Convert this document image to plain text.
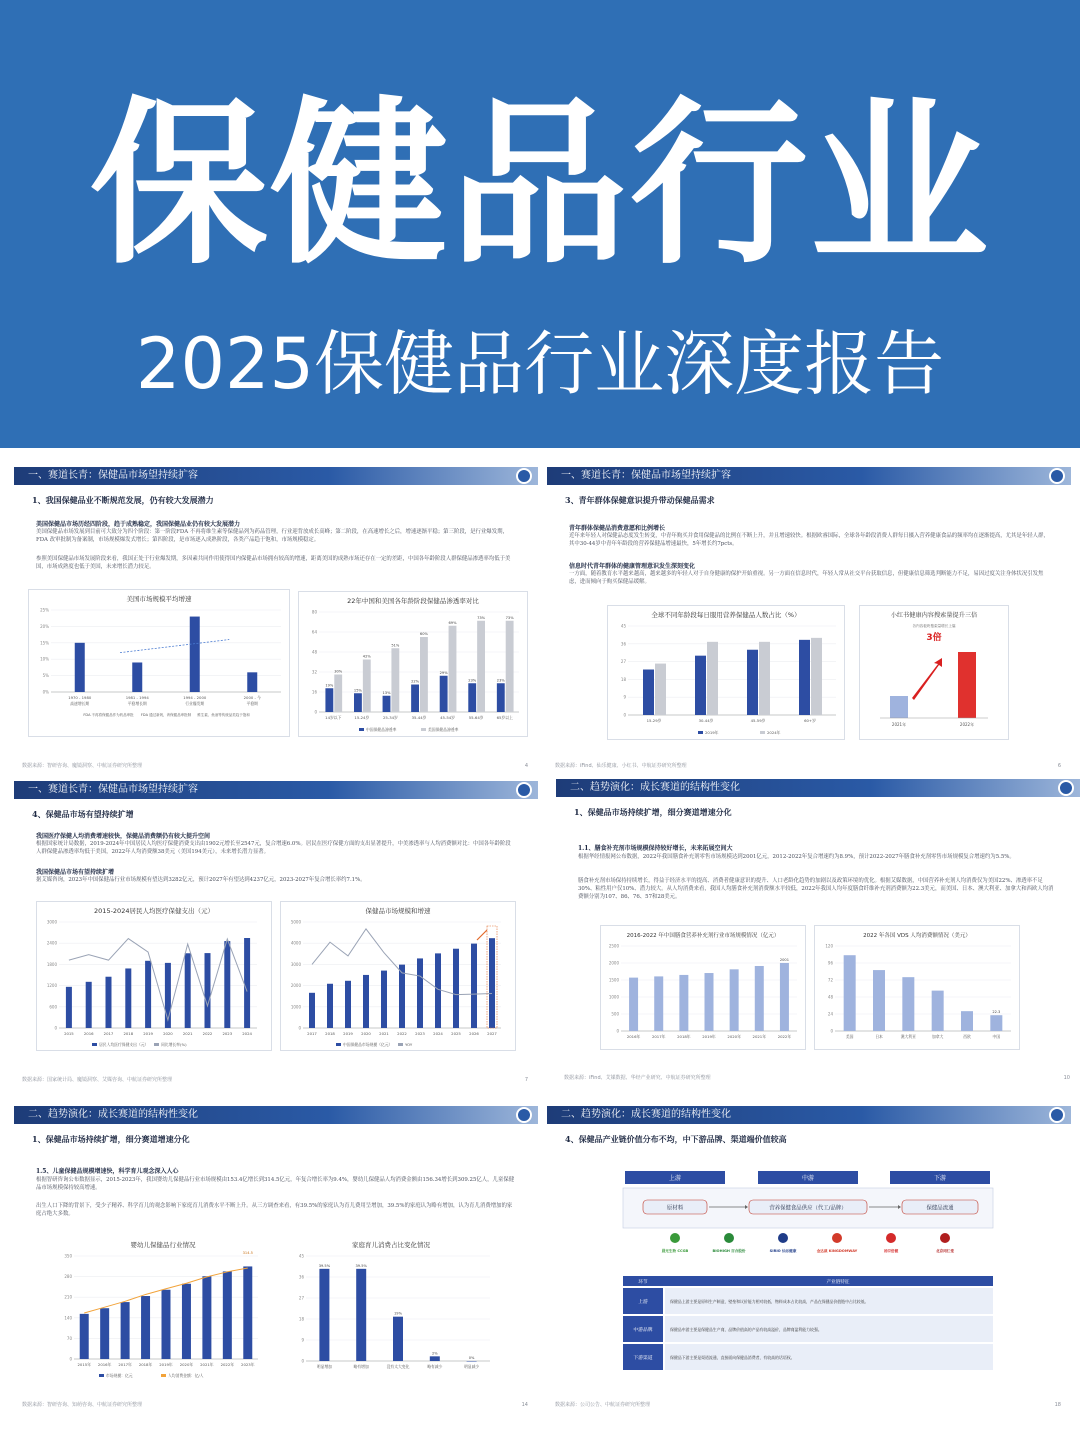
保健品行业
2025保健品行业深度报告
一、赛道长青：保健品市场望持续扩容
1、我国保健品业不断规范发展，仍有较大发展潜力
美国保健品市场历经四阶段，趋于成熟稳定，我国保健品业仍有较大发展潜力
美国保健品市场发展到目前可大致分为四个阶段：第一阶段FDA 不再将维生素等保健品列为药品管理，行业迎背放成长高峰；第二阶段，在高速增长之后，增速逐渐平稳；第三阶段，是行业爆发期，FDA 改审批制为备案制，市场规模爆发式增长；第四阶段，是市场逐入成熟阶段，各类产品趋于饱和，市场规模稳定。
参照美国保健品市场发展阶段来看，我国正处于行业爆发期，多因素共同作用使得国内保健品市场拥有较高的增速，距离美国的成熟市场还存在一定的差距，中国各年龄阶段人群保健品渗透率均低于美国，市场成熟度也低于美国，未来增长潜力较足。
美国市场规模平均增速
0%
5%
10%
15%
20%
25%
1970 - 1980	1981 - 1994	1994 - 2000	2000 - 今
高速增长期	平稳增长期	行业爆发期	平稳期
FDA 不再将保健品作为药品审批 FDA 通过新规，该保健品审批制 维生素、鱼油等传统品类趋于饱和
22年中国和美国各年龄阶段保健品渗透率对比
0
16
32
48
64
80
19%
15%
13%
22%
29%
23%	23%
30%
42%
51%
60%
69%
73%	73%
14岁以下	15-24岁	25-34岁	35-44岁	45-54岁	55-64岁	65岁以上
中国保健品渗透率	美国保健品渗透率
数据来源：智研咨询、魔镜洞察、中航证券研究所整理	4
一、赛道长青：保健品市场望持续扩容
3、青年群体保健意识提升带动保健品需求
青年群体保健品消费意愿和比例增长
近年来年轻人对保健品态度发生转变，中青年购买并食用保健品的比例在不断上升，并且增速较快。根据欧睿国际，全球各年龄段消费人群每日摄入营养健康食品的频率均在逐渐提高，尤其是年轻人群，其中30-44岁中青年年龄段的营养保健品增速最快，5年增长约7pcts。
信息时代青年群体的健康管理意识发生深刻变化
一方面，随着教育水平越来越高，越来越多的年轻人对于自身健康的保护开始重视。另一方面在信息时代，年轻人常从社交平台获取信息，但健康信息筛选判断能力不足，易因过度关注身体状况引发焦虑，进而倾向于购买保健品缓解。
全球不同年龄段每日服用营养保健品人数占比（%）
0
9
18
27
36
45
15-29岁	30-44岁	45-59岁	60+岁
2019年	2024年
小红书健康内容搜索量提升三倍
各内容板块搜索量增长上篇
3倍
2021年	2022年
数据来源：iFind、仙乐健康、小红书、中航证券研究所整理	6
一、赛道长青：保健品市场望持续扩容
4、保健品市场有望持续扩增
我国医疗保健人均消费增速较快，保健品消费额仍有较大提升空间
根据国家统计局数据，2019-2024年中国居民人均医疗保健消费支出由1902元增长至2547元，复合增速6.0%。居民在医疗保健方面的支出显著提升，中美渗透率与人均消费额对比：中国各年龄阶段人群保健品渗透率均低于美国，2022年人均消费额38美元（美国194美元），未来增长潜力显著。
我国保健品市场有望持续扩增
据艾媒咨询，2023年中国保健品行业市场规模有望达到3282亿元，预计2027年有望达到4237亿元，2023-2027年复合增长率约7.1%。
2015-2024居民人均医疗保健支出（元）
0
600
1200
1800
2400
3000
2015	2016	2017	2018	2019	2020	2021	2022	2023	2024
居民人均医疗保健支出（元）	同比增长率(%)
保健品市场规模和增速
0
1000
2000
3000
4000
5000
2017 2018 2019 2020 2021 2022 2023 2024 2025 2026 2027
中国保健品市场规模（亿元）	YOY
数据来源：国家统计局、魔镜洞察、艾媒咨询、中航证券研究所整理	7
二、趋势演化：成长赛道的结构性变化
1、保健品市场持续扩增，细分赛道增速分化
1.1、膳食补充剂市场规模保持较好增长，未来拓展空间大
根据华经情报网公布数据，2022年我国膳食补充剂零售市场规模达到2001亿元，2012-2022年复合增速约为8.9%，预计2022-2027年膳食补充剂零售市场规模复合增速约为5.5%。
膳食补充剂市场保持持续增长，得益于经济水平的提高、消费者健康意识的提升、人口老龄化趋势的加剧以及政策环境的优化。根据艾媒数据，中国营养补充剂人均消费仅为美国22%、渗透率不足30%、粘性用户仅10%、潜力较大。从人均消费来看，我国人均膳食补充剂消费额水平较低，2022年我国人均年度膳食纤维补充剂消费额为22.3美元，而美国、日本、澳大利亚、加拿大和西欧人均消费额分别为107、86、76、57和28美元。
2016-2022 年中国膳食营养补充剂行业市场规模情况（亿元）
0
500
1000
1500
2000
2500
2016年	2017年	2018年	2019年	2020年	2021年	2022年
2001
2022 年各国 VDS 人均消费额情况（美元）
0
24
48
72
96
120
美国	日本	澳大利亚	加拿大	西欧	中国
22.3
数据来源：iFind、艾媒数据、华经产业研究、中航证券研究所整理	10
二、趋势演化：成长赛道的结构性变化
1、保健品市场持续扩增，细分赛道增速分化
1.5、儿童保健品规模增速快，科学育儿观念深入人心
根据智研咨询公布数据显示，2015-2023年，我国婴幼儿保健品行业市场规模由153.4亿增长到314.5亿元，年复合增长率为9.4%，婴幼儿保健品人均消费金额由156.34增长到309.25亿人，儿童保健品市场规模保持较高增速。
出生人口下降的背景下，受少子精养、科学育儿的观念影响下家庭育儿消费水平不断上升。从三方调查来看，有39.5%的家庭认为育儿费用呈增加，39.5%的家庭认为略有增加，认为育儿消费增加的家庭占绝大多数。
婴幼儿保健品行业情况
0
70
140
210
280
350
2015年 2016年 2017年 2018年 2019年 2020年 2021年 2022年 2023年
314.5
市场规模：亿元	人均消费金额：亿/人
家庭育儿消费占比变化情况
0
9
18
27
36
45
39.5%	39.5%
19%
2%
0%
明显增加	略有增加	没有太大变化	略有减少	明显减少
数据来源：智研咨询、知萌咨询、中航证券研究所整理	14
二、趋势演化：成长赛道的结构性变化
4、保健品产业链价值分布不均，中下游品牌、渠道端价值较高
上游	中游	下游
原材料	营养保健食品供应（代工/品牌）	保健品流通
晨光生物 CCGB	BIOHIGH 百合股份	SIRIO 仙乐健康	金达威 KINGDOMWAY	汤臣倍健	北京同仁堂
环节	产业链特征
上游	保健品上游主要是原料生产制造，壁垒和议价能力相对较低，物料成本占比较高，产品在保健品价值链中占比较低。
中游品牌	保健品中游主要是保健品生产商，品牌价值高的产品有较高溢价，品牌商盈利能力较强。
下游渠道	保健品下游主要是渠道流通，直接面向保健品消费者，有较高的话语权。
数据来源：公司公告、中航证券研究所整理	18
